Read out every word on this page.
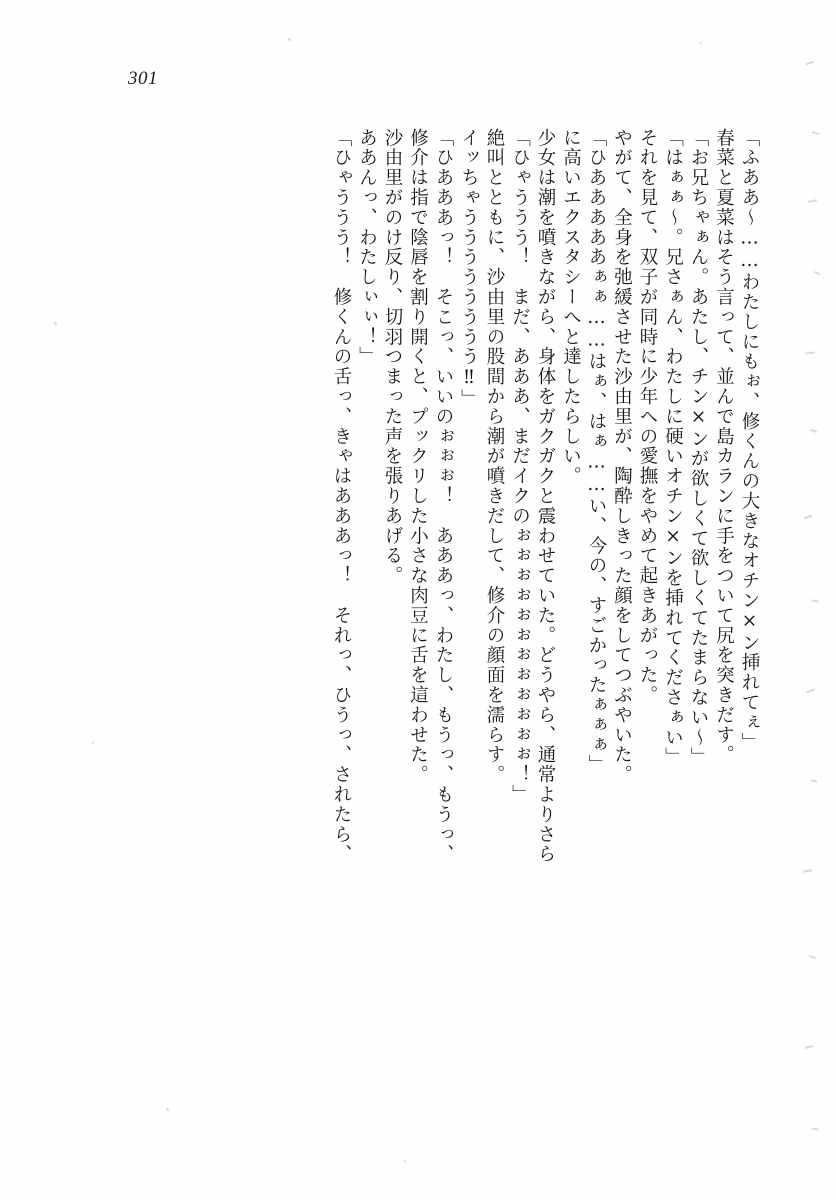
301
「ひゃううう！　修くんの舌っ、きゃはあああっ！　それっ、ひうっ、されたら、 ああんっ、わたしぃぃ！」 沙由里がのけ反り、切羽つまった声を張りあげる。 修介は指で陰唇を割り開くと、プックリした小さな肉豆に舌を這わせた。 「ひあああっ！　そこっ、いいのぉぉぉ！　あああっ、わたし、もうっ、もうっ、 イッちゃうううううううう‼」 絶叫とともに、沙由里の股間から潮が噴きだして、修介の顔面を濡らす。 「ひゃううう！　まだ、あああ、まだイクのぉぉぉぉぉぉぉぉぉぉぉぉ！」 少女は潮を噴きながら、身体をガクガクと震わせていた。どうやら、通常よりさら に高いエクスタシーへと達したらしい。 「ひあああああぁぁ……はぁ、はぁ……い、今の、すごかったぁぁぁ」 やがて、全身を弛緩させた沙由里が、陶酔しきった顔をしてつぶやいた。 それを見て、双子が同時に少年への愛撫をやめて起きあがった。 「はぁぁ〜。兄さぁん、わたしに硬いオチン×ンを挿れてくださぁい」 「お兄ちゃぁん。あたし、チン×ンが欲しくて欲しくてたまらない〜」 春菜と夏菜はそう言って、並んで島カランに手をついて尻を突きだす。 「ふああ〜……わたしにもぉ、修くんの大きなオチン×ン挿れてぇ」
